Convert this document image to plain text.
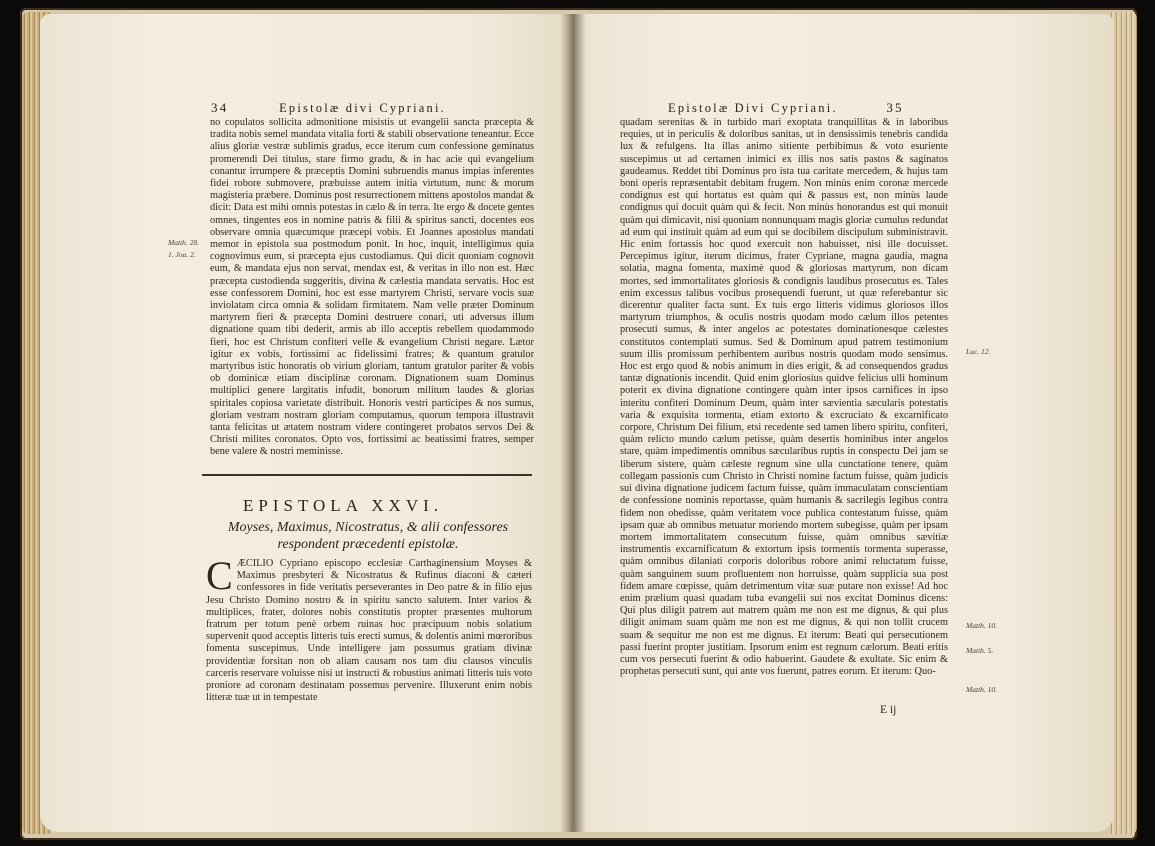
34	Epistolæ divi Cypriani.

no copulatos sollicita admonitione misistis ut evangelii sancta præcepta & tradita nobis semel mandata vitalia forti & stabili observatione teneantur. Ecce alius gloriæ vestræ sublimis gradus, ecce iterum cum confessione geminatus promerendi Dei titulus, stare firmo gradu, & in hac acie qui evangelium conantur irrumpere & præceptis Domini subruendis manus impias inferentes fidei robore submovere, præbuisse autem initia virtutum, nunc & morum magisteria præbere. Dominus post resurrectionem mittens apostolos mandat & dicit: Data est mihi omnis potestas in cælo & in terra. Ite ergo & docete gentes omnes, tingentes eos in nomine patris & filii & spiritus sancti, docentes eos observare omnia quæcumque præcepi vobis. Et Joannes apostolus mandati memor in epistola sua postmodum ponit. In hoc, inquit, intelligimus quia cognovimus eum, si præcepta ejus custodiamus. Qui dicit quoniam cognovit eum, & mandata ejus non servat, mendax est, & veritas in illo non est. Hæc præcepta custodienda suggeritis, divina & cælestia mandata servatis. Hoc est esse confessorem Domini, hoc est esse martyrem Christi, servare vocis suæ inviolatam circa omnia & solidam firmitatem. Nam velle præter Dominum martyrem fieri & præcepta Domini destruere conari, uti adversus illum dignatione quam tibi dederit, armis ab illo acceptis rebellem quodammodo fieri, hoc est Christum confiteri velle & evangelium Christi negare. Lætor igitur ex vobis, fortissimi ac fidelissimi fratres; & quantum gratulor martyribus istic honoratis ob virium gloriam, tantum gratulor pariter & vobis ob dominicæ etiam disciplinæ coronam. Dignationem suam Dominus multiplici genere largitatis infudit, bonorum militum laudes & glorias spiritales copiosa varietate distribuit. Honoris vestri participes & nos sumus, gloriam vestram nostram gloriam computamus, quorum tempora illustravit tanta felicitas ut ætatem nostram videre contingeret probatos servos Dei & Christi milites coronatos. Opto vos, fortissimi ac beatissimi fratres, semper bene valere & nostri meminisse.

Matth. 28.
1. Joa. 2.
EPISTOLA XXVI.
Moyses, Maximus, Nicostratus, & alii confessores respondent præcedenti epistolæ.
C ÆCILIO Cypriano episcopo ecclesiæ Carthaginensium Moyses & Maximus presbyteri & Nicostratus & Rufinus diaconi & cæteri confessores in fide veritatis perseverantes in Deo patre & in filio ejus Jesu Christo Domino nostro & in spiritu sancto salutem. Inter varios & multiplices, frater, dolores nobis constitutis propter præsentes multorum fratrum per totum penè orbem ruinas hoc præcipuum nobis solatium supervenit quod acceptis litteris tuis erecti sumus, & dolentis animi mœroribus fomenta suscepimus. Unde intelligere jam possumus gratiam divinæ providentiæ forsitan non ob aliam causam nos tam diu clausos vinculis carceris reservare voluisse nisi ut instructi & robustius animati litteris tuis voto proniore ad coronam destinatam possemus pervenire. Illuxerunt enim nobis litteræ tuæ ut in tempestate
Epistolæ Divi Cypriani.	35

quadam serenitas & in turbido mari exoptata tranquillitas & in laboribus requies, ut in periculis & doloribus sanitas, ut in densissimis tenebris candida lux & refulgens. Ita illas animo sitiente perbibimus & voto esuriente suscepimus ut ad certamen inimici ex illis nos satis pastos & saginatos gaudeamus. Reddet tibi Dominus pro ista tua caritate mercedem, & hujus tam boni operis repræsentabit debitam frugem. Non minùs enim coronæ mercede condignus est qui hortatus est quàm qui & passus est, non minùs laude condignus qui docuit quàm qui & fecit. Non minùs honorandus est qui monuit quàm qui dimicavit, nisi quoniam nonnunquam magis gloriæ cumulus redundat ad eum qui instituit quàm ad eum qui se docibilem discipulum subministravit. Hic enim fortassis hoc quod exercuit non habuisset, nisi ille docuisset. Percepimus igitur, iterum dicimus, frater Cypriane, magna gaudia, magna solatia, magna fomenta, maximè quod & gloriosas martyrum, non dicam mortes, sed immortalitates gloriosis & condignis laudibus prosecutus es. Tales enim excessus talibus vocibus prosequendi fuerunt, ut quæ referebantur sic dicerentur qualiter facta sunt. Ex tuis ergo litteris vidimus gloriosos illos martyrum triumphos, & oculis nostris quodam modo cælum illos petentes prosecuti sumus, & inter angelos ac potestates dominationesque cælestes constitutos contemplati sumus. Sed & Dominum apud patrem testimonium suum illis promissum perhibentem auribus nostris quodam modo sensimus. Hoc est ergo quod & nobis animum in dies erigit, & ad consequendos gradus tantæ dignationis incendit. Quid enim gloriosius quidve felicius ulli hominum poterit ex divina dignatione contingere quàm inter ipsos carnifices in ipso interitu confiteri Dominum Deum, quàm inter sævientia sæcularis potestatis varia & exquisita tormenta, etiam extorto & excruciato & excarnificato corpore, Christum Dei filium, etsi recedente sed tamen libero spiritu, confiteri, quàm relicto mundo cælum petisse, quàm desertis hominibus inter angelos stare, quàm impedimentis omnibus sæcularibus ruptis in conspectu Dei jam se liberum sistere, quàm cæleste regnum sine ulla cunctatione tenere, quàm collegam passionis cum Christo in Christi nomine factum fuisse, quàm judicis sui divina dignatione judicem factum fuisse, quàm immaculatam conscientiam de confessione nominis reportasse, quàm humanis & sacrilegis legibus contra fidem non obedisse, quàm veritatem voce publica contestatum fuisse, quàm ipsam quæ ab omnibus metuatur moriendo mortem subegisse, quàm per ipsam mortem immortalitatem consecutum fuisse, quàm omnibus sævitiæ instrumentis excarnificatum & extortum ipsis tormentis tormenta superasse, quàm omnibus dilaniati corporis doloribus robore animi reluctatum fuisse, quàm sanguinem suum profluentem non horruisse, quàm supplicia sua post fidem amare cœpisse, quàm detrimentum vitæ suæ putare non exisse! Ad hoc enim prælium quasi quadam tuba evangelii sui nos excitat Dominus dicens: Qui plus diligit patrem aut matrem quàm me non est me dignus, & qui plus diligit animam suam quàm me non est me dignus, & qui non tollit crucem suam & sequitur me non est me dignus. Et iterum: Beati qui persecutionem passi fuerint propter justitiam. Ipsorum enim est regnum cælorum. Beati eritis cum vos persecuti fuerint & odio habuerint. Gaudete & exultate. Sic enim & prophetas persecuti sunt, qui ante vos fuerunt, patres eorum. Et iterum: Quo-

Luc. 12.
Matth. 10.
Matth. 5.
Matth. 10.
E ij
